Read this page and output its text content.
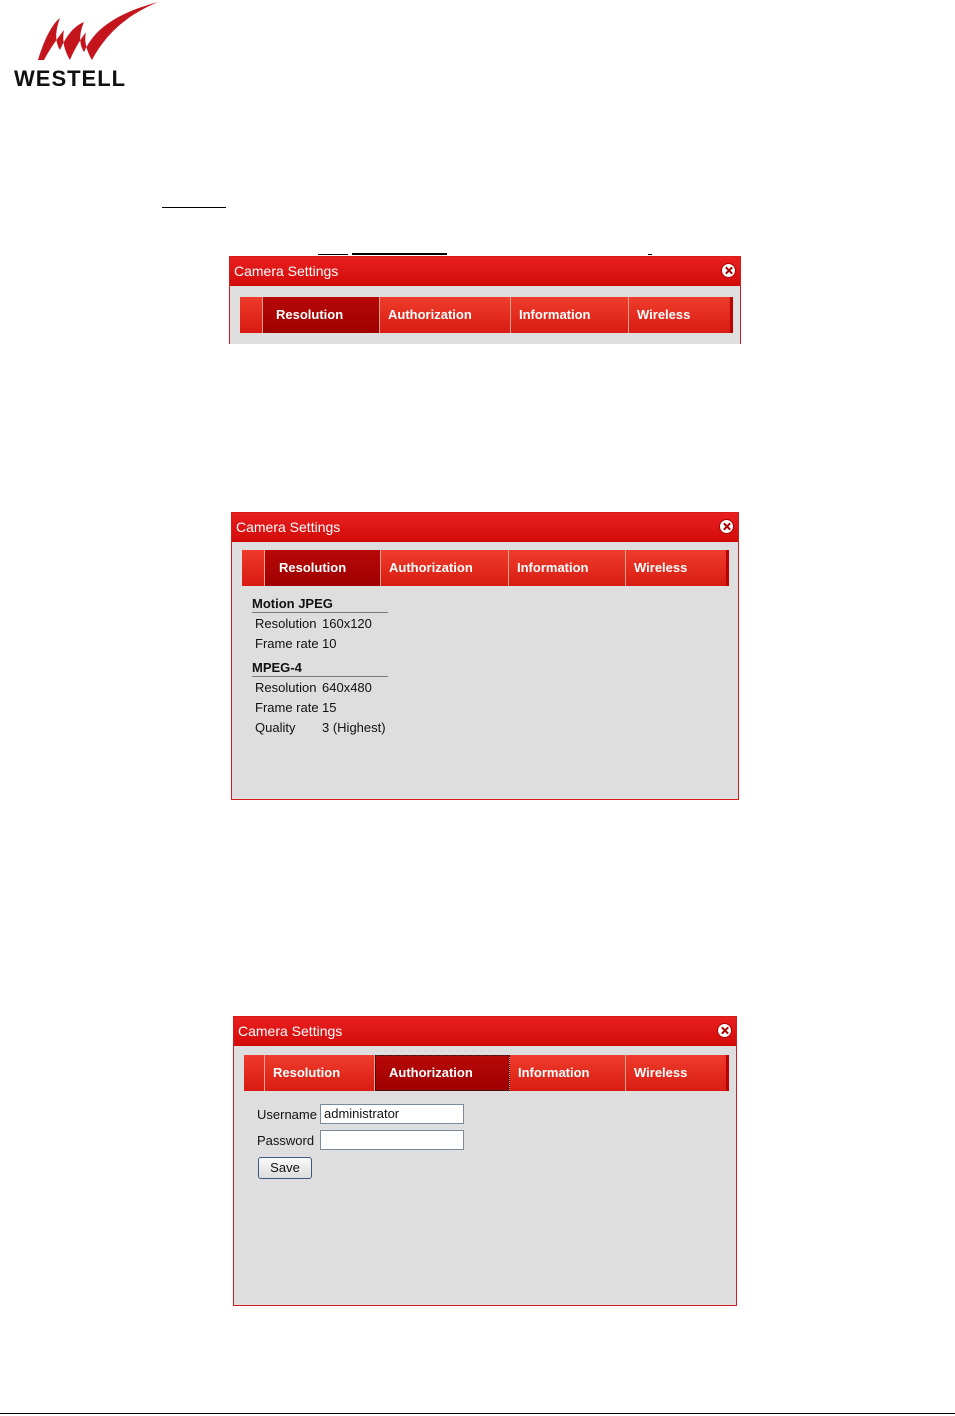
WESTELL
Camera Settings
Resolution	Authorization	Information	Wireless
Camera Settings
Resolution	Authorization	Information	Wireless
Motion JPEG
Resolution 160x120
Frame rate 10
MPEG-4
Resolution 640x480
Frame rate 15
Quality 3 (Highest)
Camera Settings
Resolution	Authorization	Information	Wireless
Username administrator
Password
Save
